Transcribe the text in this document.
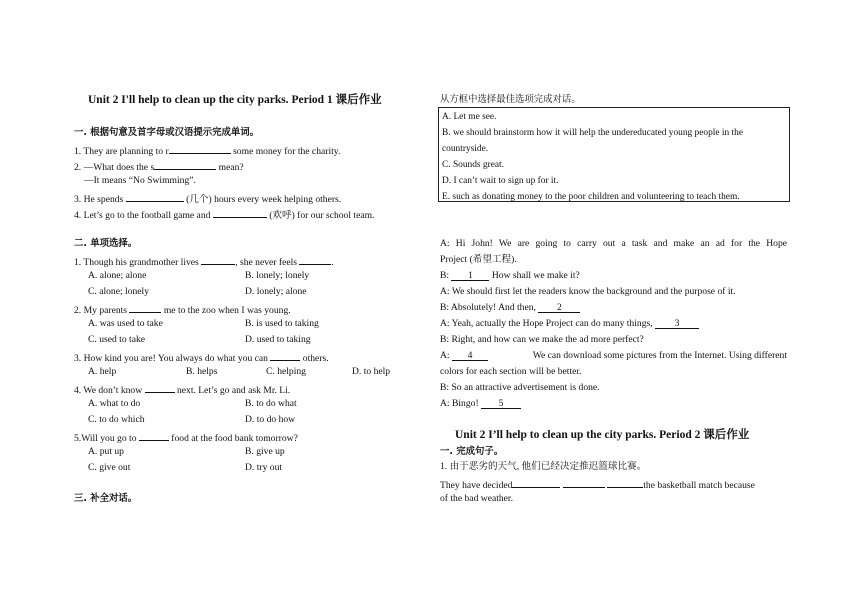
Unit 2 I'll help to clean up the city parks. Period 1 课后作业
一. 根据句意及首字母或汉语提示完成单词。
1. They are planning to r	some money for the charity.
2. —What does the s	mean?
—It means “No Swimming”.
3. He spends	(几个) hours every week helping others.
4. Let’s go to the football game and	(欢呼) for our school team.
二. 单项选择。
1. Though his grandmother lives	, she never feels	.
A. alone; alone	B. lonely; lonely
C. alone; lonely	D. lonely; alone
2. My parents	me to the zoo when I was young.
A. was used to take	B. is used to taking
C. used to take	D. used to taking
3. How kind you are! You always do what you can	others.
A. help	B. helps	C. helping	D. to help
4. We don’t know	next. Let’s go and ask Mr. Li.
A. what to do	B. to do what
C. to do which	D. to do how
5.Will you go to	food at the food bank tomorrow?
A. put up	B. give up
C. give out	D. try out
三. 补全对话。
从方框中选择最佳选项完成对话。
A. Let me see.
B. we should brainstorm how it will help the undereducated young people in the
countryside.
C. Sounds great.
D. I can’t wait to sign up for it.
E. such as donating money to the poor children and volunteering to teach them.
A: Hi John! We are going to carry out a task and make an ad for the Hope
Project (希望工程).
B: 1 How shall we make it?
A: We should first let the readers know the background and the purpose of it.
B: Absolutely! And then, 2
A: Yeah, actually the Hope Project can do many things, 3
B: Right, and how can we make the ad more perfect?
A: 4	We can download some pictures from the Internet. Using different
colors for each section will be better.
B: So an attractive advertisement is done.
A: Bingo! 5
Unit 2 I’ll help to clean up the city parks. Period 2 课后作业
一. 完成句子。
1. 由于恶劣的天气, 他们已经决定推迟篮球比赛。
They have decided	the basketball match because
of the bad weather.
